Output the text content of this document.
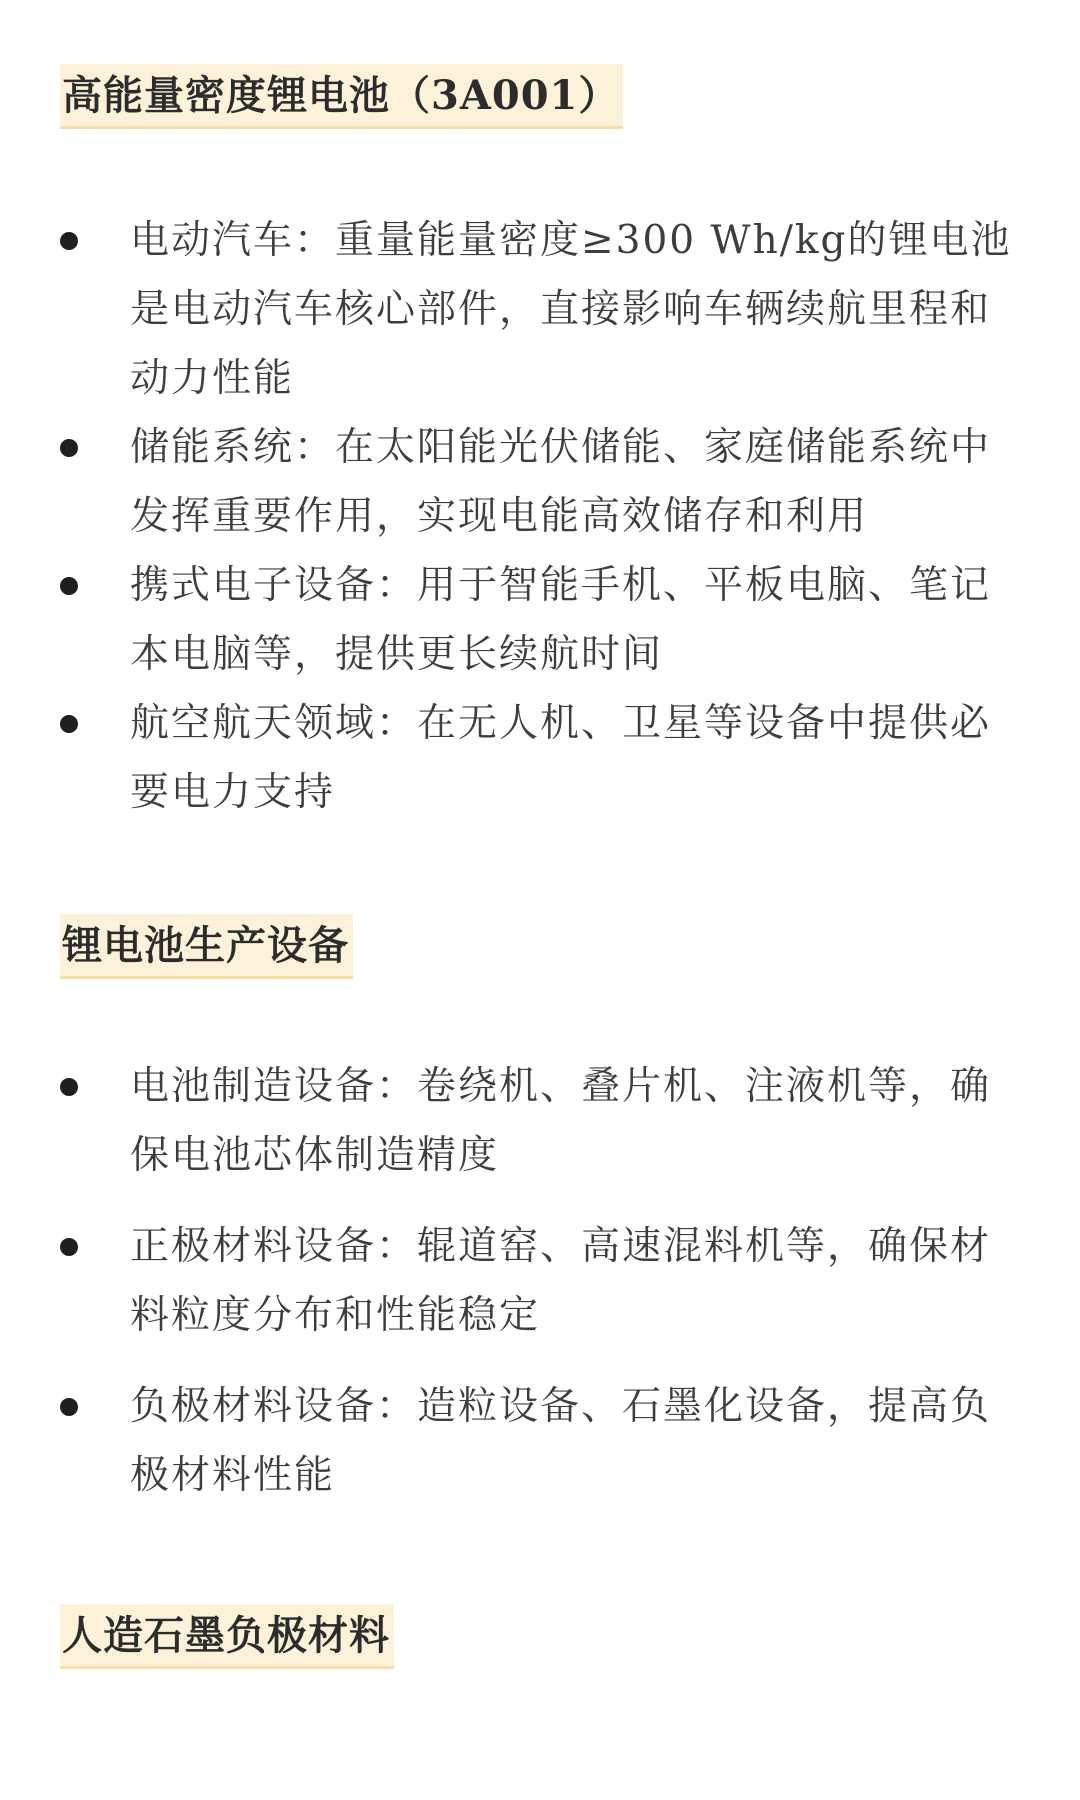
高能量密度锂电池（3A001）
电动汽车：重量能量密度≥300 Wh/kg的锂电池是电动汽车核心部件，直接影响车辆续航里程和动力性能
储能系统：在太阳能光伏储能、家庭储能系统中发挥重要作用，实现电能高效储存和利用
携式电子设备：用于智能手机、平板电脑、笔记本电脑等，提供更长续航时间
航空航天领域：在无人机、卫星等设备中提供必要电力支持
锂电池生产设备
电池制造设备：卷绕机、叠片机、注液机等，确保电池芯体制造精度
正极材料设备：辊道窑、高速混料机等，确保材料粒度分布和性能稳定
负极材料设备：造粒设备、石墨化设备，提高负极材料性能
人造石墨负极材料
